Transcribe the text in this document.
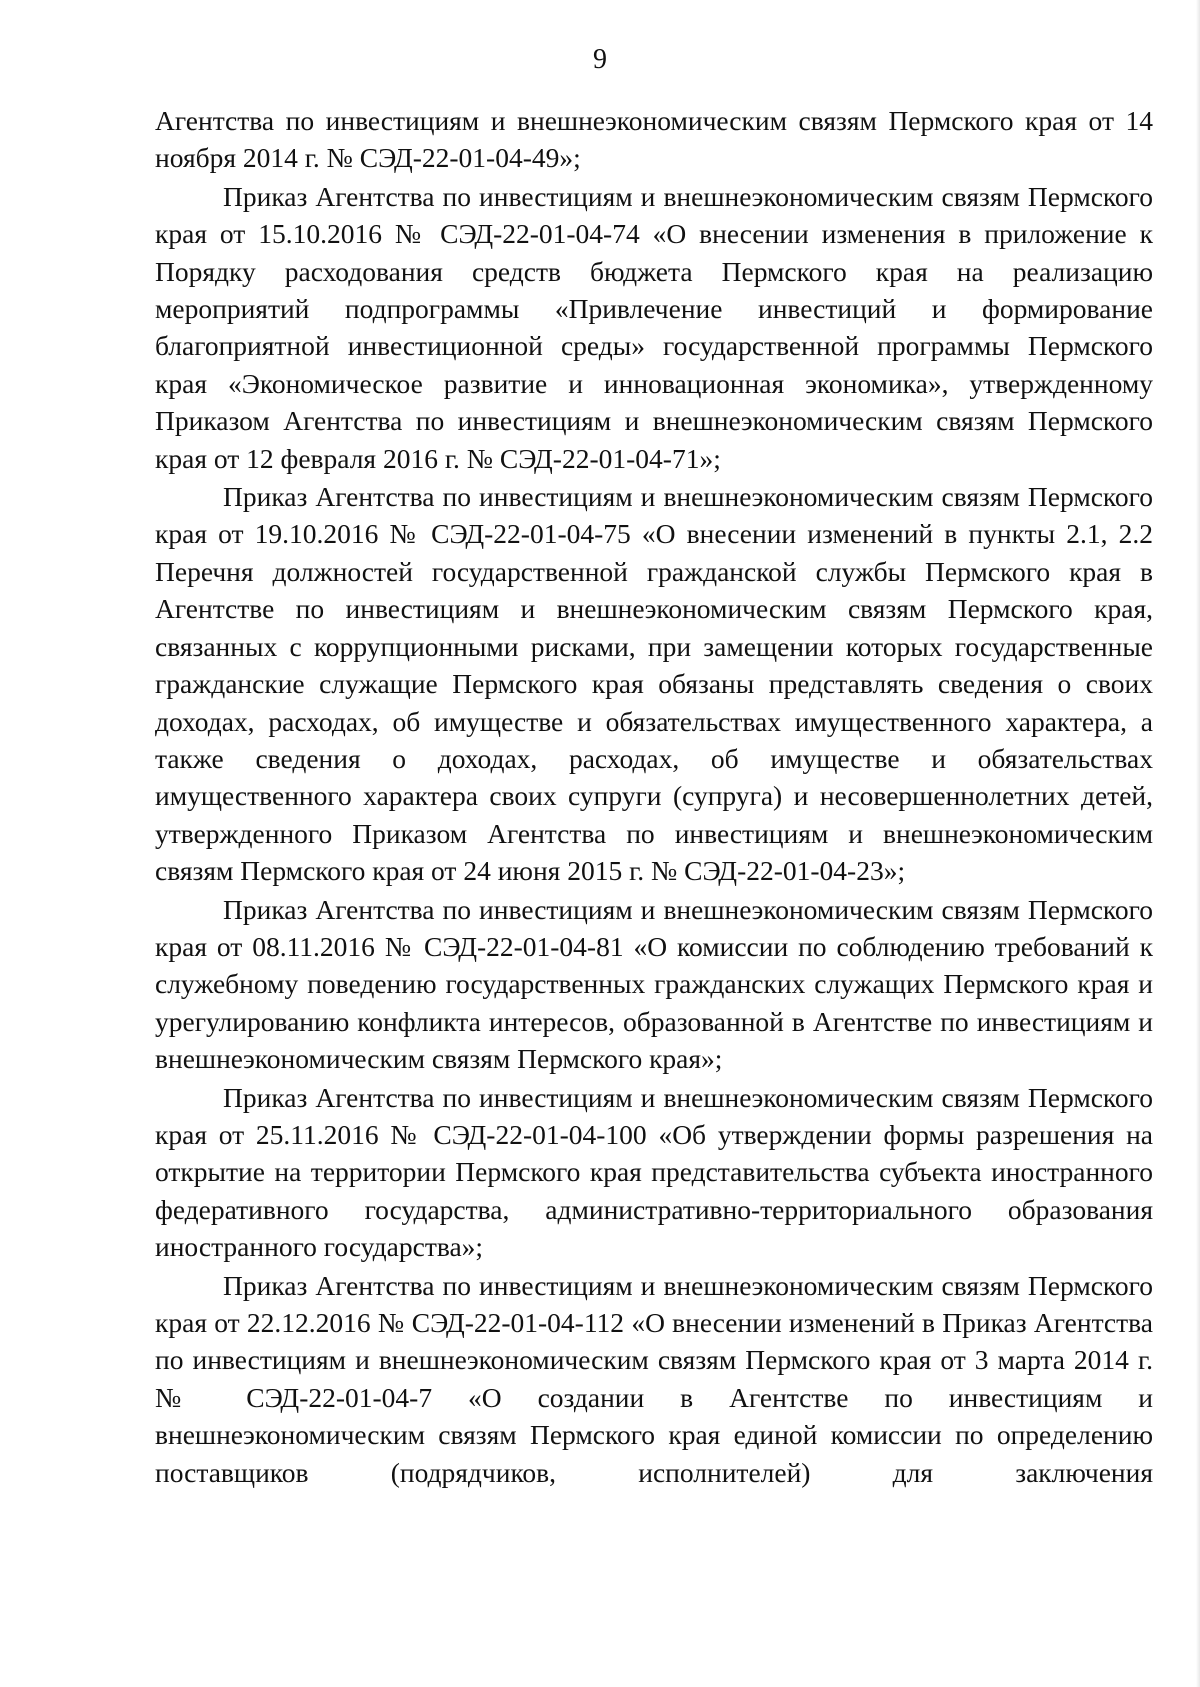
9

Агентства по инвестициям и внешнеэкономическим связям Пермского края от 14 ноября 2014 г. № СЭД-22-01-04-49»;

Приказ Агентства по инвестициям и внешнеэкономическим связям Пермского края от 15.10.2016 № СЭД-22-01-04-74 «О внесении изменения в приложение к Порядку расходования средств бюджета Пермского края на реализацию мероприятий подпрограммы «Привлечение инвестиций и формирование благоприятной инвестиционной среды» государственной программы Пермского края «Экономическое развитие и инновационная экономика», утвержденному Приказом Агентства по инвестициям и внешнеэкономическим связям Пермского края от 12 февраля 2016 г. № СЭД-22-01-04-71»;

Приказ Агентства по инвестициям и внешнеэкономическим связям Пермского края от 19.10.2016 № СЭД-22-01-04-75 «О внесении изменений в пункты 2.1, 2.2 Перечня должностей государственной гражданской службы Пермского края в Агентстве по инвестициям и внешнеэкономическим связям Пермского края, связанных с коррупционными рисками, при замещении которых государственные гражданские служащие Пермского края обязаны представлять сведения о своих доходах, расходах, об имуществе и обязательствах имущественного характера, а также сведения о доходах, расходах, об имуществе и обязательствах имущественного характера своих супруги (супруга) и несовершеннолетних детей, утвержденного Приказом Агентства по инвестициям и внешнеэкономическим связям Пермского края от 24 июня 2015 г. № СЭД-22-01-04-23»;

Приказ Агентства по инвестициям и внешнеэкономическим связям Пермского края от 08.11.2016 № СЭД-22-01-04-81 «О комиссии по соблюдению требований к служебному поведению государственных гражданских служащих Пермского края и урегулированию конфликта интересов, образованной в Агентстве по инвестициям и внешнеэкономическим связям Пермского края»;

Приказ Агентства по инвестициям и внешнеэкономическим связям Пермского края от 25.11.2016 № СЭД-22-01-04-100 «Об утверждении формы разрешения на открытие на территории Пермского края представительства субъекта иностранного федеративного государства, административно-территориального образования иностранного государства»;

Приказ Агентства по инвестициям и внешнеэкономическим связям Пермского края от 22.12.2016 № СЭД-22-01-04-112 «О внесении изменений в Приказ Агентства по инвестициям и внешнеэкономическим связям Пермского края от 3 марта 2014 г. № СЭД-22-01-04-7 «О создании в Агентстве по инвестициям и внешнеэкономическим связям Пермского края единой комиссии по определению поставщиков (подрядчиков, исполнителей) для заключения
